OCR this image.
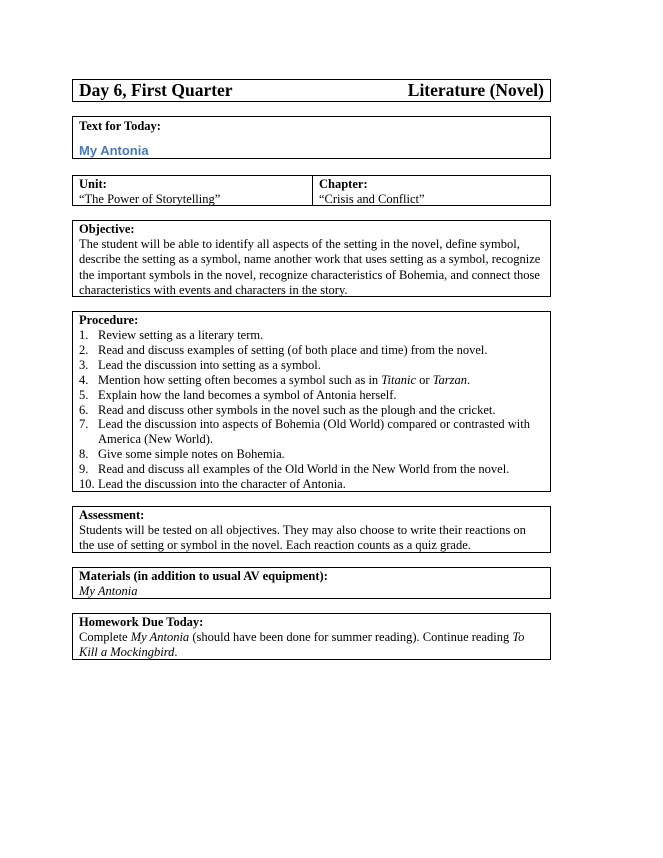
Day 6, First Quarter	Literature (Novel)
Text for Today:
My Antonia
Unit:
“The Power of Storytelling”
Chapter:
“Crisis and Conflict”
Objective:
The student will be able to identify all aspects of the setting in the novel, define symbol, describe the setting as a symbol, name another work that uses setting as a symbol, recognize the important symbols in the novel, recognize characteristics of Bohemia, and connect those characteristics with events and characters in the story.
Procedure:
1. Review setting as a literary term.
2. Read and discuss examples of setting (of both place and time) from the novel.
3. Lead the discussion into setting as a symbol.
4. Mention how setting often becomes a symbol such as in Titanic or Tarzan.
5. Explain how the land becomes a symbol of Antonia herself.
6. Read and discuss other symbols in the novel such as the plough and the cricket.
7. Lead the discussion into aspects of Bohemia (Old World) compared or contrasted with America (New World).
8. Give some simple notes on Bohemia.
9. Read and discuss all examples of the Old World in the New World from the novel.
10. Lead the discussion into the character of Antonia.
Assessment:
Students will be tested on all objectives. They may also choose to write their reactions on the use of setting or symbol in the novel. Each reaction counts as a quiz grade.
Materials (in addition to usual AV equipment):
My Antonia
Homework Due Today:
Complete My Antonia (should have been done for summer reading). Continue reading To Kill a Mockingbird.
